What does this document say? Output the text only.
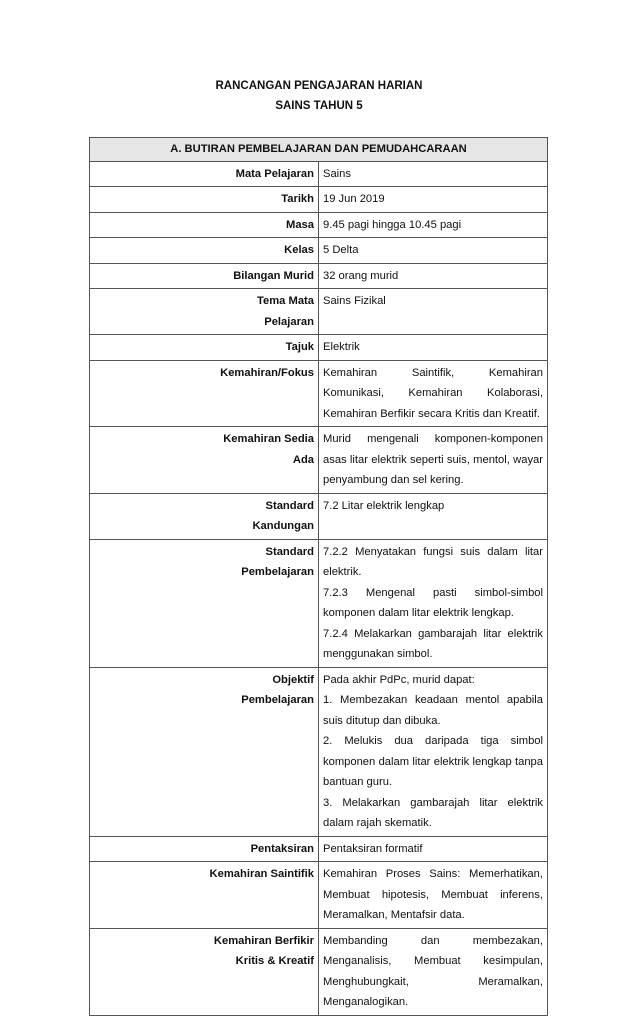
RANCANGAN PENGAJARAN HARIAN
SAINS TAHUN 5
A. BUTIRAN PEMBELAJARAN DAN PEMUDAHCARAAN	

Mata Pelajaran	Sains

Tarikh	19 Jun 2019

Masa	9.45 pagi hingga 10.45 pagi

Kelas	5 Delta

Bilangan Murid	32 orang murid

Tema Mata
Pelajaran	Sains Fizikal

Tajuk	Elektrik

Kemahiran/Fokus	Kemahiran Saintifik, Kemahiran Komunikasi, Kemahiran Kolaborasi, Kemahiran Berfikir secara Kritis dan Kreatif.

Kemahiran Sedia
Ada	Murid mengenali komponen-komponen asas litar elektrik seperti suis, mentol, wayar penyambung dan sel kering.

Standard
Kandungan	7.2 Litar elektrik lengkap

Standard
Pembelajaran	7.2.2 Menyatakan fungsi suis dalam litar elektrik.
7.2.3 Mengenal pasti simbol-simbol komponen dalam litar elektrik lengkap.
7.2.4 Melakarkan gambarajah litar elektrik menggunakan simbol.

Objektif
Pembelajaran	Pada akhir PdPc, murid dapat:
1. Membezakan keadaan mentol apabila suis ditutup dan dibuka.
2. Melukis dua daripada tiga simbol komponen dalam litar elektrik lengkap tanpa bantuan guru.
3. Melakarkan gambarajah litar elektrik dalam rajah skematik.

Pentaksiran	Pentaksiran formatif

Kemahiran Saintifik	Kemahiran Proses Sains: Memerhatikan, Membuat hipotesis, Membuat inferens, Meramalkan, Mentafsir data.

Kemahiran Berfikir
Kritis & Kreatif	Membanding dan membezakan, Menganalisis, Membuat kesimpulan, Menghubungkait, Meramalkan, Menganalogikan.
